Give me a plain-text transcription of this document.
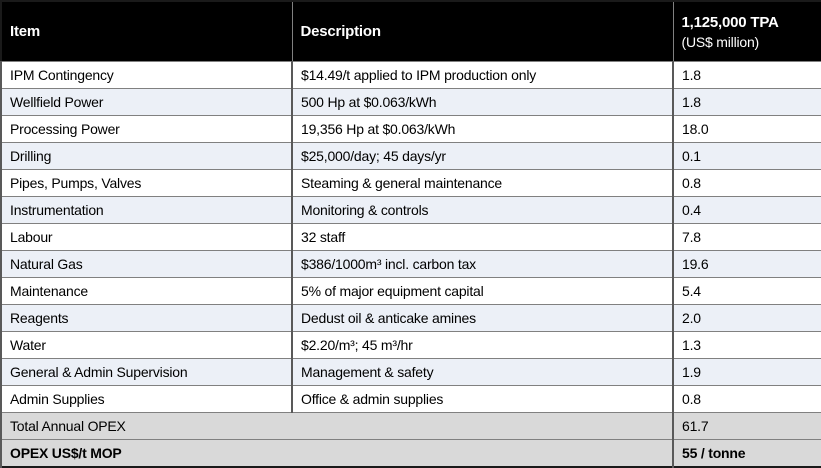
Item	Description	1,125,000 TPA
(US$ million)

IPM Contingency	$14.49/t applied to IPM production only	1.8
Wellfield Power	500 Hp at $0.063/kWh	1.8
Processing Power	19,356 Hp at $0.063/kWh	18.0
Drilling	$25,000/day; 45 days/yr	0.1
Pipes, Pumps, Valves	Steaming & general maintenance	0.8
Instrumentation	Monitoring & controls	0.4
Labour	32 staff	7.8
Natural Gas	$386/1000m³ incl. carbon tax	19.6
Maintenance	5% of major equipment capital	5.4
Reagents	Dedust oil & anticake amines	2.0
Water	$2.20/m³; 45 m³/hr	1.3
General & Admin Supervision	Management & safety	1.9
Admin Supplies	Office & admin supplies	0.8
Total Annual OPEX		61.7
OPEX US$/t MOP		55 / tonne
